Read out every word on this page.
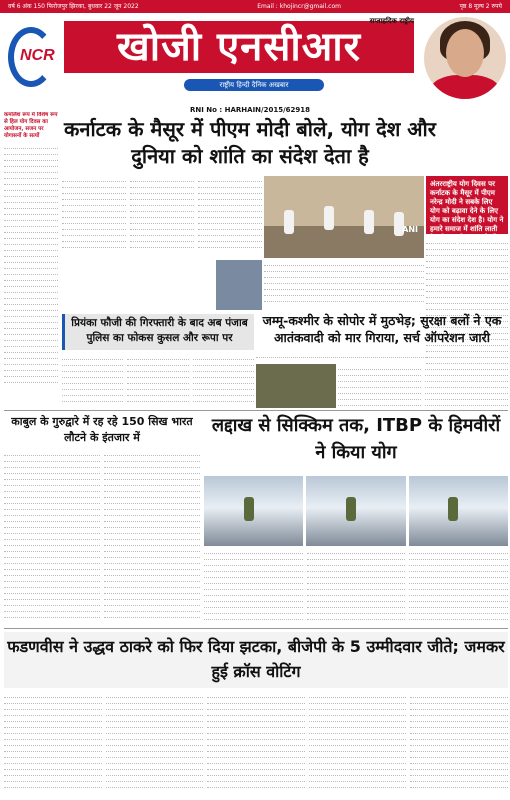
वर्ष 6 अंक 150 फिरोजपुर झिरका, बुधवार 22 जून 2022	Email : khojincr@gmail.com	पृष्ठ 8 मूल्य 2 रुपये
NCR	खोजी एनसीआर
सप्ताहदिक राष्ट्रीय
राष्ट्रीय हिन्दी दैनिक अखबार
RNI No : HARHAIN/2015/62918
कमलिश रूप में विशेष रूप से हिल योग दिवस का आयोजन, सजन पर योगासनों के सत्यों	कर्नाटक के मैसूर में पीएम मोदी बोले, योग देश और दुनिया को शांति का संदेश देता है

ANI
अंतरराष्ट्रीय योग दिवस पर कर्नाटक के मैसूर में पीएम नरेन्द्र मोदी ने सबके लिए योग को बढ़ावा देने के लिए योग का संदेश देश है। योग ने हमारे समाज में शांति लाती है। योग हमारे समाज के लिए आवश्यक है।

प्रियंका फौजी की गिरफ्तारी के बाद अब पंजाब पुलिस का फोकस कुसल और रूपा पर
जम्मू-कश्मीर के सोपोर में मुठभेड़; सुरक्षा बलों ने एक आतंकवादी को मार गिराया, सर्च ऑपरेशन जारी

काबुल के गुरुद्वारे में रह रहे 150 सिख भारत लौटने के इंतजार में

लद्दाख से सिक्किम तक, ITBP के हिमवीरों ने किया योग

फडणवीस ने उद्धव ठाकरे को फिर दिया झटका, बीजेपी के 5 उम्मीदवार जीते; जमकर हुई क्रॉस वोटिंग
